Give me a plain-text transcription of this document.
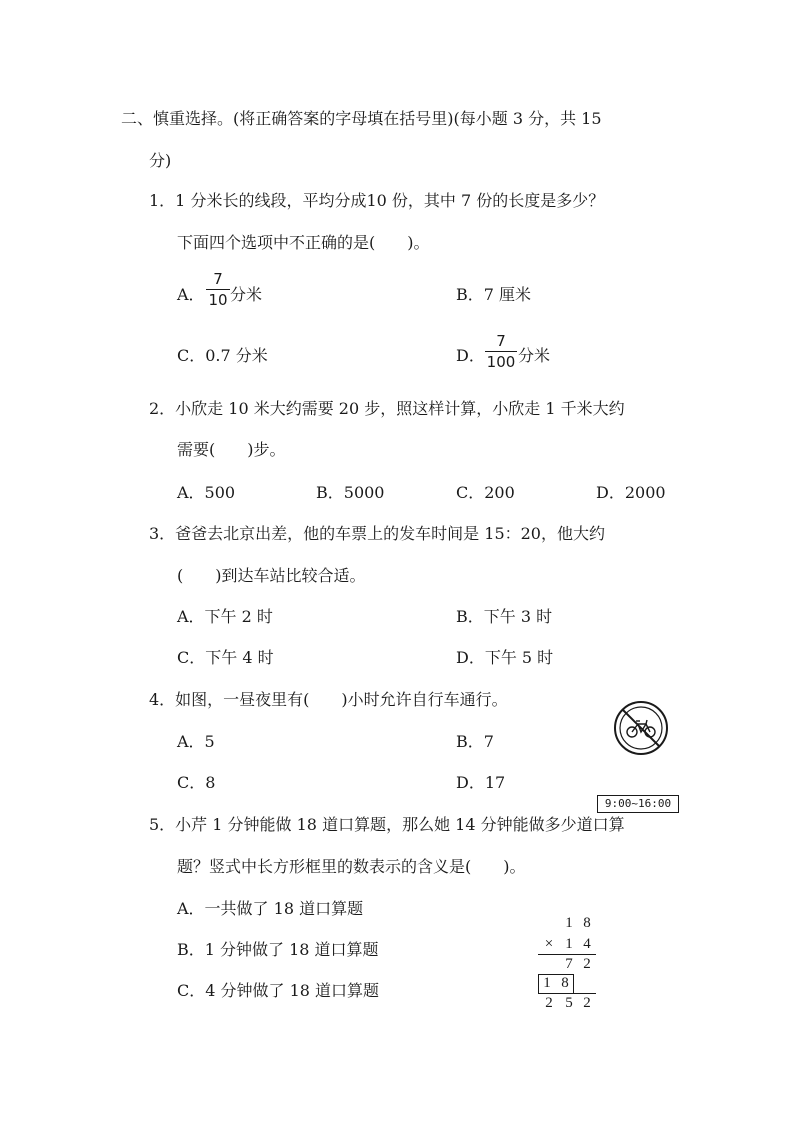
二、慎重选择。(将正确答案的字母填在括号里)(每小题 3 分，共 15
分)
1．1 分米长的线段，平均分成10 份，其中 7 份的长度是多少？
下面四个选项中不正确的是(　　)。
A．
7
10 分米	B．7 厘米
C．0.7 分米	D．
7
100 分米
2．小欣走 10 米大约需要 20 步，照这样计算，小欣走 1 千米大约
需要(　　)步。
A．500	B．5000	C．200	D．2000
3．爸爸去北京出差，他的车票上的发车时间是 15：20，他大约
(　　)到达车站比较合适。
A．下午 2 时	B．下午 3 时
C．下午 4 时	D．下午 5 时
4．如图，一昼夜里有(　　)小时允许自行车通行。
A．5	B．7
C．8	D．17
9:00~16:00
5．小芹 1 分钟能做 18 道口算题，那么她 14 分钟能做多少道口算
题？竖式中长方形框里的数表示的含义是(　　)。
A．一共做了 18 道口算题
B．1 分钟做了 18 道口算题
C．4 分钟做了 18 道口算题
1 8
× 1 4
7 2
1 8
2 5 2
